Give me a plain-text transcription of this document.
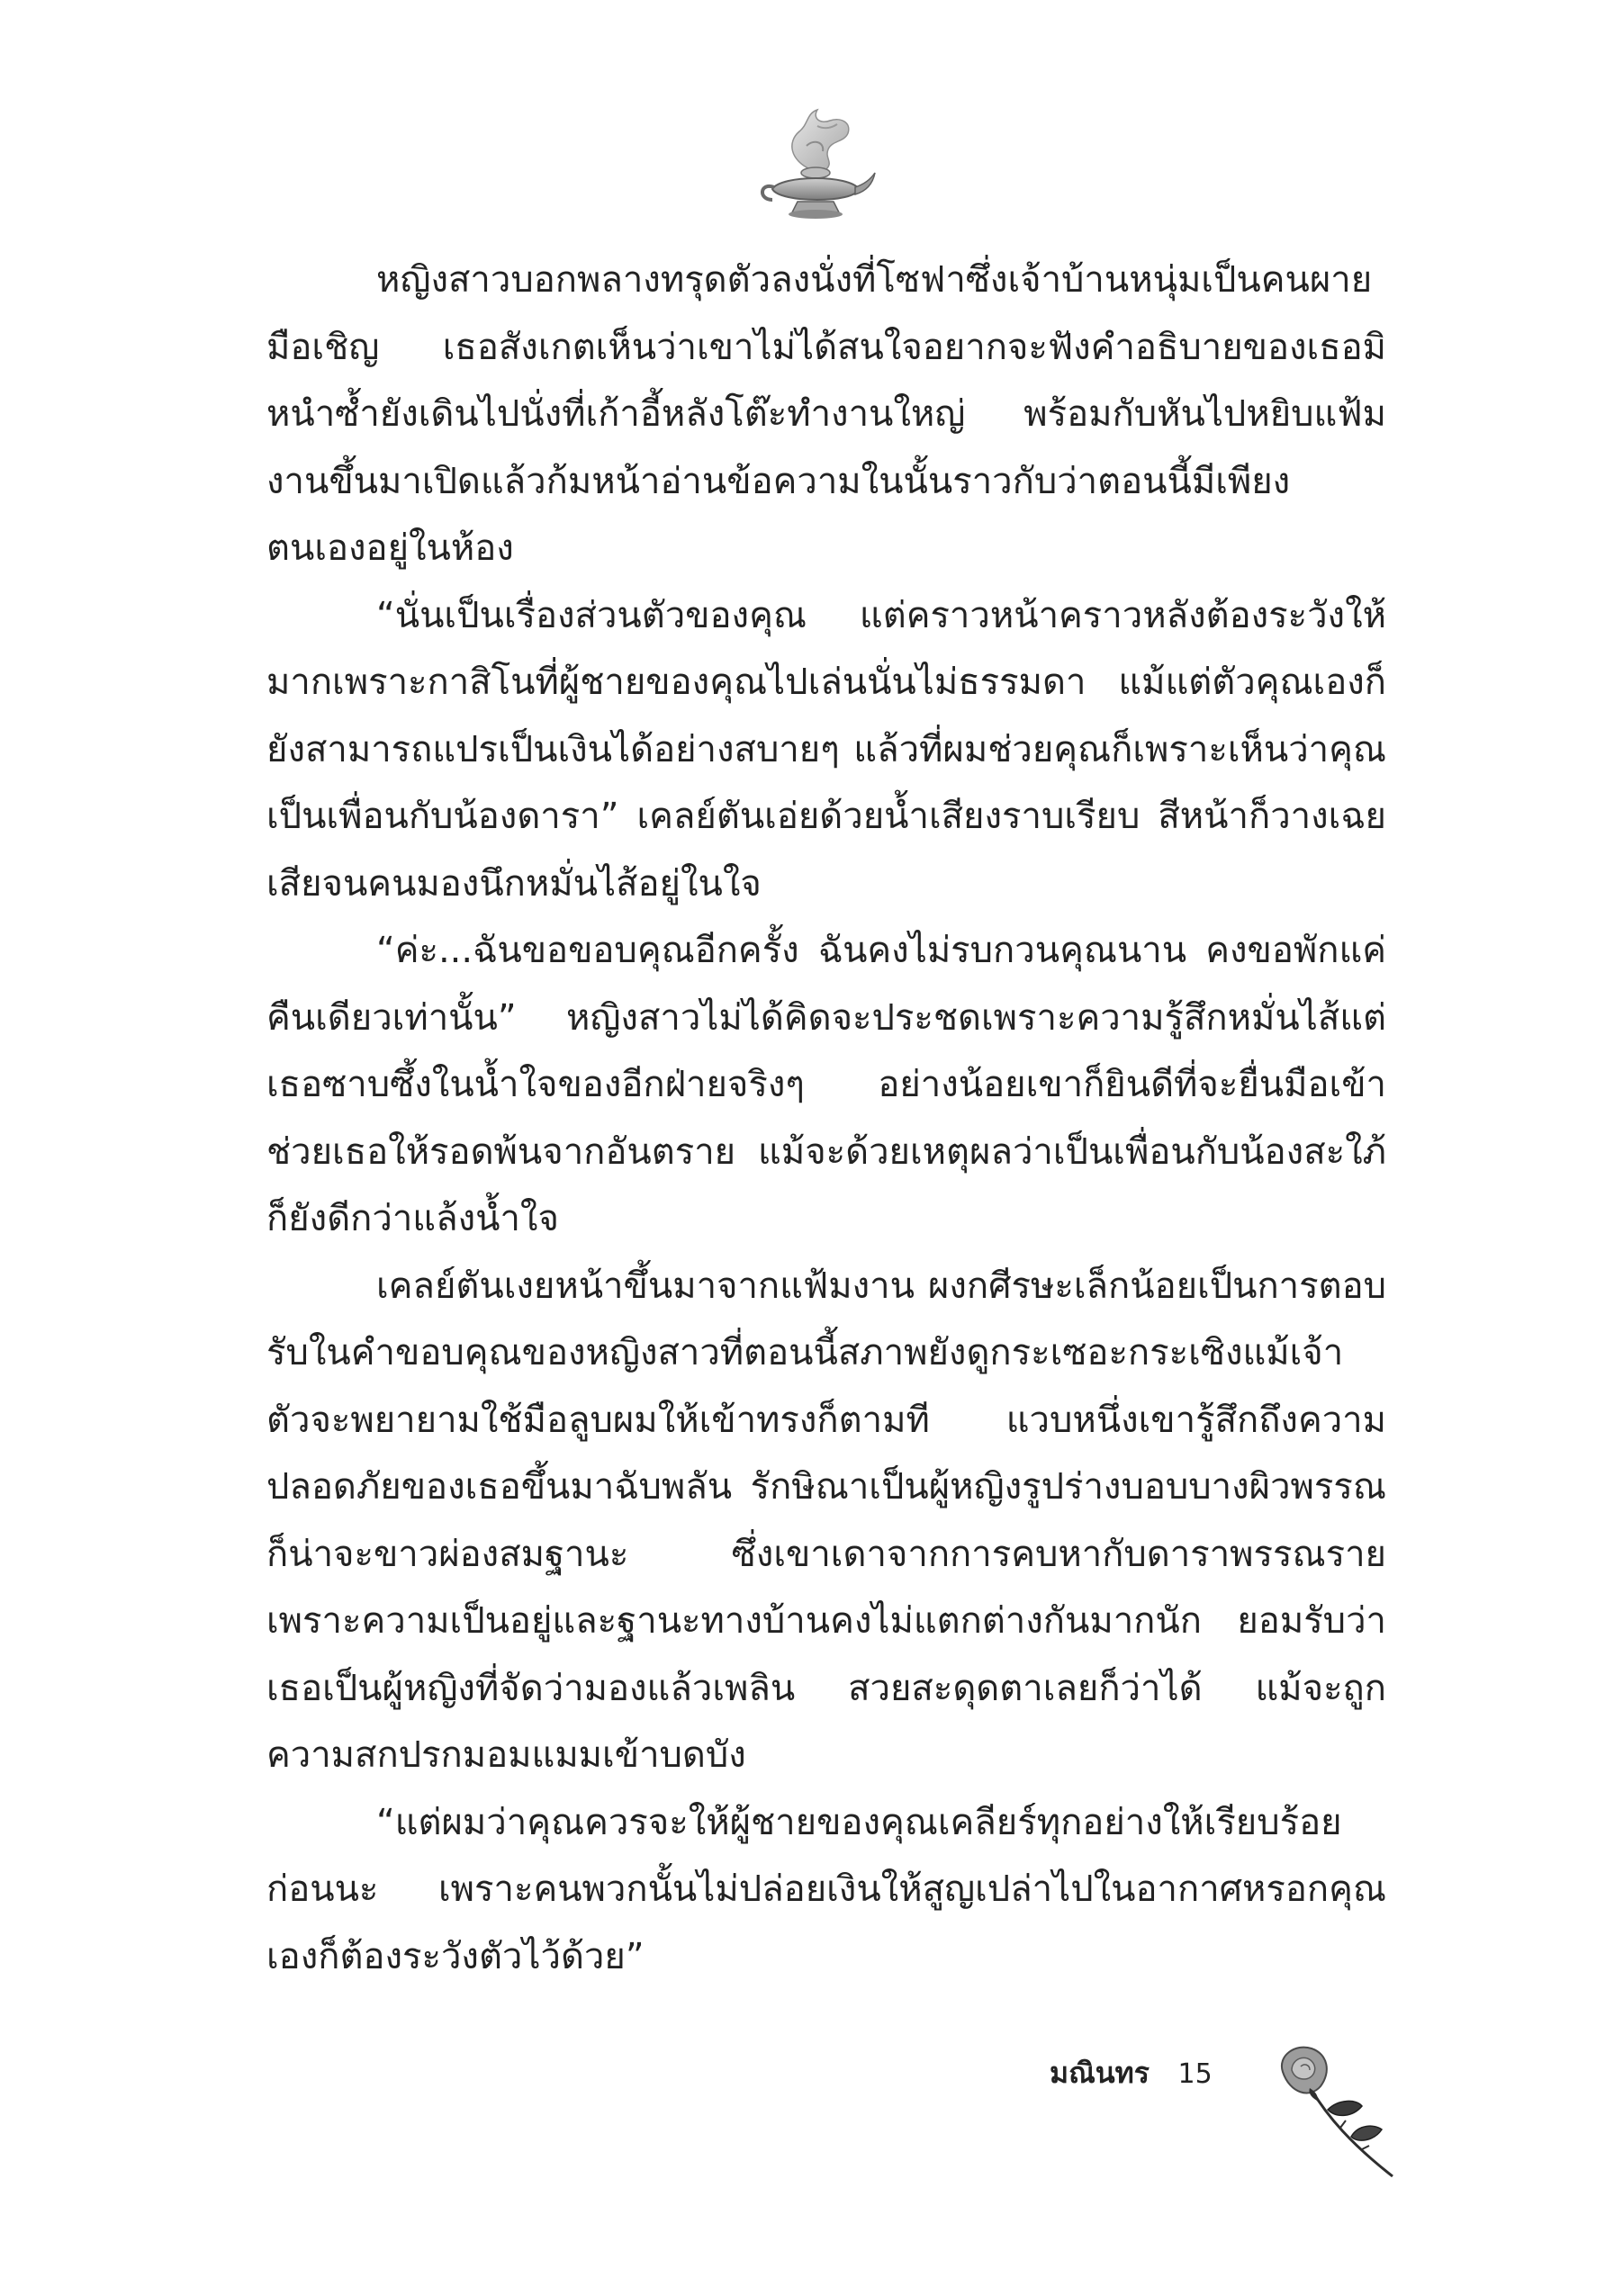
หญิงสาวบอกพลางทรุดตัวลงนั่งที่โซฟาซึ่งเจ้าบ้านหนุ่มเป็นคนผายมือเชิญ เธอสังเกตเห็นว่าเขาไม่ได้สนใจอยากจะฟังคำอธิบายของเธอมิหนำซ้ำยังเดินไปนั่งที่เก้าอี้หลังโต๊ะทำงานใหญ่ พร้อมกับหันไปหยิบแฟ้มงานขึ้นมาเปิดแล้วก้มหน้าอ่านข้อความในนั้นราวกับว่าตอนนี้มีเพียงตนเองอยู่ในห้อง

“นั่นเป็นเรื่องส่วนตัวของคุณ แต่คราวหน้าคราวหลังต้องระวังให้มากเพราะกาสิโนที่ผู้ชายของคุณไปเล่นนั่นไม่ธรรมดา แม้แต่ตัวคุณเองก็ยังสามารถแปรเป็นเงินได้อย่างสบายๆ แล้วที่ผมช่วยคุณก็เพราะเห็นว่าคุณเป็นเพื่อนกับน้องดารา” เคลย์ตันเอ่ยด้วยน้ำเสียงราบเรียบ สีหน้าก็วางเฉยเสียจนคนมองนึกหมั่นไส้อยู่ในใจ

“ค่ะ...ฉันขอขอบคุณอีกครั้ง ฉันคงไม่รบกวนคุณนาน คงขอพักแค่คืนเดียวเท่านั้น” หญิงสาวไม่ได้คิดจะประชดเพราะความรู้สึกหมั่นไส้แต่เธอซาบซึ้งในน้ำใจของอีกฝ่ายจริงๆ อย่างน้อยเขาก็ยินดีที่จะยื่นมือเข้าช่วยเธอให้รอดพ้นจากอันตราย แม้จะด้วยเหตุผลว่าเป็นเพื่อนกับน้องสะใภ้ก็ยังดีกว่าแล้งน้ำใจ

เคลย์ตันเงยหน้าขึ้นมาจากแฟ้มงาน ผงกศีรษะเล็กน้อยเป็นการตอบรับในคำขอบคุณของหญิงสาวที่ตอนนี้สภาพยังดูกระเซอะกระเซิงแม้เจ้าตัวจะพยายามใช้มือลูบผมให้เข้าทรงก็ตามที แวบหนึ่งเขารู้สึกถึงความปลอดภัยของเธอขึ้นมาฉับพลัน รักษิณาเป็นผู้หญิงรูปร่างบอบบางผิวพรรณก็น่าจะขาวผ่องสมฐานะ ซึ่งเขาเดาจากการคบหากับดาราพรรณรายเพราะความเป็นอยู่และฐานะทางบ้านคงไม่แตกต่างกันมากนัก ยอมรับว่าเธอเป็นผู้หญิงที่จัดว่ามองแล้วเพลิน สวยสะดุดตาเลยก็ว่าได้ แม้จะถูกความสกปรกมอมแมมเข้าบดบัง

“แต่ผมว่าคุณควรจะให้ผู้ชายของคุณเคลียร์ทุกอย่างให้เรียบร้อยก่อนนะ เพราะคนพวกนั้นไม่ปล่อยเงินให้สูญเปล่าไปในอากาศหรอกคุณเองก็ต้องระวังตัวไว้ด้วย”

มณินทร 15
